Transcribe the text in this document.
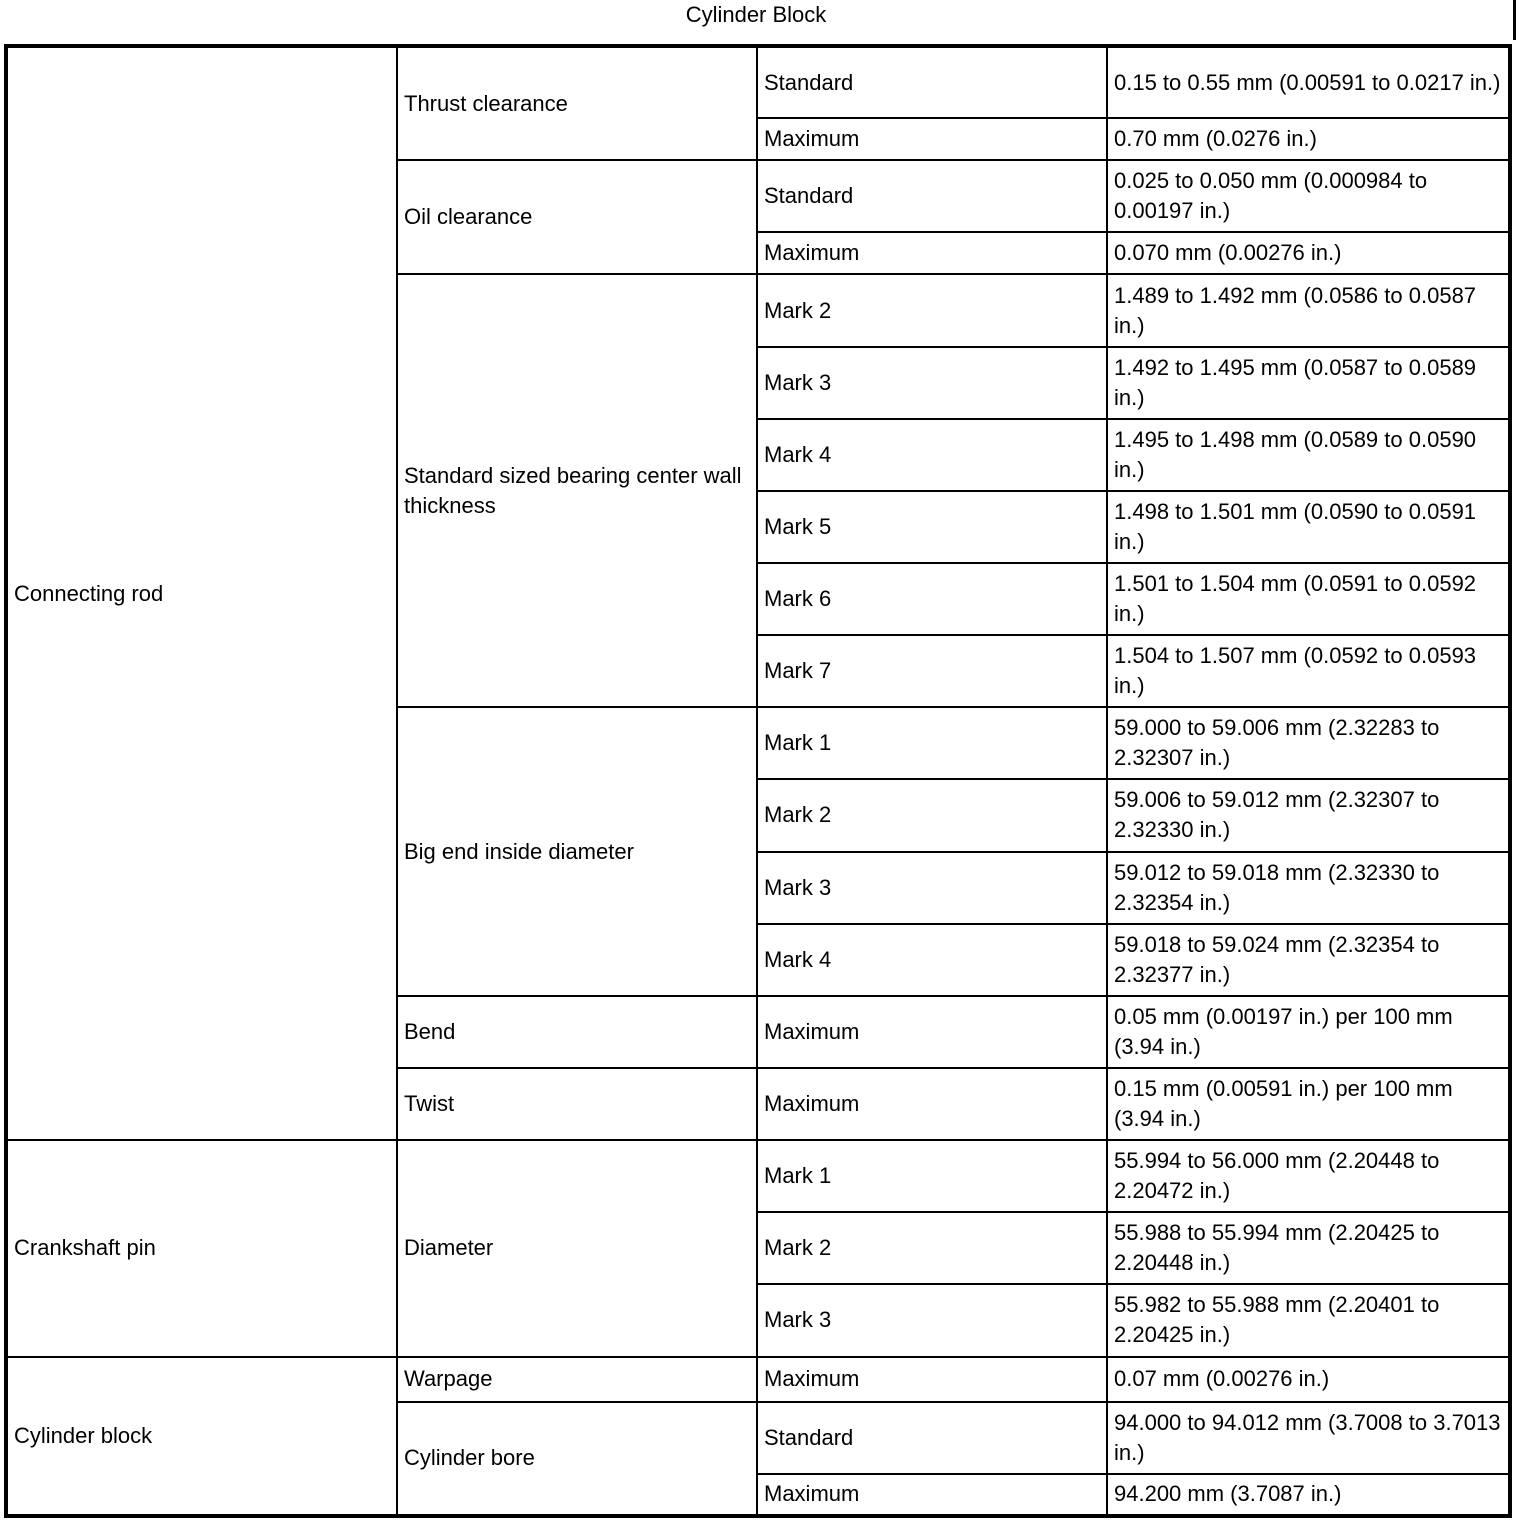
Cylinder Block
Connecting rod	Thrust clearance	Standard	0.15 to 0.55 mm (0.00591 to 0.0217 in.)
		Maximum	0.70 mm (0.0276 in.)
	Oil clearance	Standard	0.025 to 0.050 mm (0.000984 to 0.00197 in.)
		Maximum	0.070 mm (0.00276 in.)
	Standard sized bearing center wall thickness	Mark 2	1.489 to 1.492 mm (0.0586 to 0.0587 in.)
		Mark 3	1.492 to 1.495 mm (0.0587 to 0.0589 in.)
		Mark 4	1.495 to 1.498 mm (0.0589 to 0.0590 in.)
		Mark 5	1.498 to 1.501 mm (0.0590 to 0.0591 in.)
		Mark 6	1.501 to 1.504 mm (0.0591 to 0.0592 in.)
		Mark 7	1.504 to 1.507 mm (0.0592 to 0.0593 in.)
	Big end inside diameter	Mark 1	59.000 to 59.006 mm (2.32283 to 2.32307 in.)
		Mark 2	59.006 to 59.012 mm (2.32307 to 2.32330 in.)
		Mark 3	59.012 to 59.018 mm (2.32330 to 2.32354 in.)
		Mark 4	59.018 to 59.024 mm (2.32354 to 2.32377 in.)
	Bend	Maximum	0.05 mm (0.00197 in.) per 100 mm (3.94 in.)
	Twist	Maximum	0.15 mm (0.00591 in.) per 100 mm (3.94 in.)
Crankshaft pin	Diameter	Mark 1	55.994 to 56.000 mm (2.20448 to 2.20472 in.)
		Mark 2	55.988 to 55.994 mm (2.20425 to 2.20448 in.)
		Mark 3	55.982 to 55.988 mm (2.20401 to 2.20425 in.)
Cylinder block	Warpage	Maximum	0.07 mm (0.00276 in.)
	Cylinder bore	Standard	94.000 to 94.012 mm (3.7008 to 3.7013 in.)
		Maximum	94.200 mm (3.7087 in.)
